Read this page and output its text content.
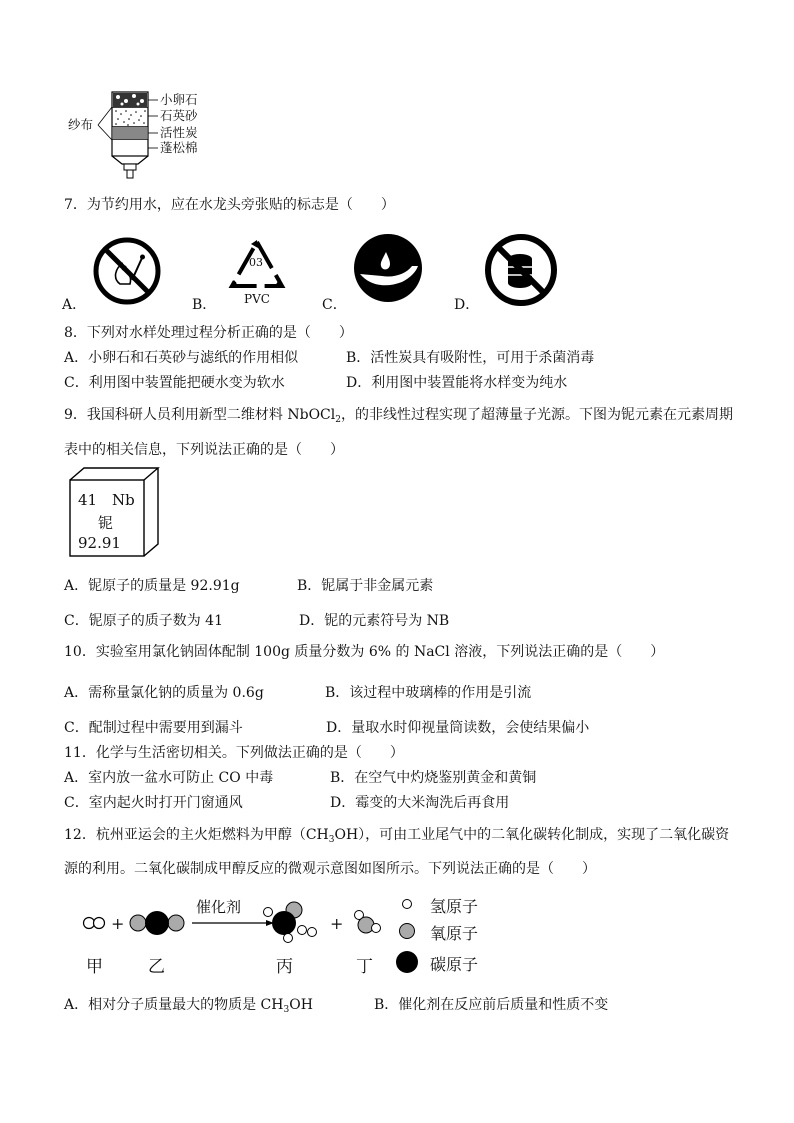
纱布
小卵石
石英砂
活性炭
蓬松棉
7．为节约用水，应在水龙头旁张贴的标志是（　　）
A．	B．
03
PVC	C．	D．
8．下列对水样处理过程分析正确的是（　　）
A．小卵石和石英砂与滤纸的作用相似	B．活性炭具有吸附性，可用于杀菌消毒
C．利用图中装置能把硬水变为软水	D．利用图中装置能将水样变为纯水
9．我国科研人员利用新型二维材料 NbOCl$_2$，的非线性过程实现了超薄量子光源。下图为铌元素在元素周期
表中的相关信息，下列说法正确的是（　　）
41 Nb
铌
92.91
A．铌原子的质量是 92.91g	B．铌属于非金属元素
C．铌原子的质子数为 41	D．铌的元素符号为 NB
10．实验室用氯化钠固体配制 100g 质量分数为 6% 的 NaCl 溶液，下列说法正确的是（　　）
A．需称量氯化钠的质量为 0.6g	B．该过程中玻璃棒的作用是引流
C．配制过程中需要用到漏斗	D．量取水时仰视量筒读数，会使结果偏小
11．化学与生活密切相关。下列做法正确的是（　　）
A．室内放一盆水可防止 CO 中毒	B．在空气中灼烧鉴别黄金和黄铜
C．室内起火时打开门窗通风	D．霉变的大米淘洗后再食用
12．杭州亚运会的主火炬燃料为甲醇$(CH_3OH)$，可由工业尾气中的二氧化碳转化制成，实现了二氧化碳资
源的利用。二氧化碳制成甲醇反应的微观示意图如图所示。下列说法正确的是（　　）
+
催化剂
+
甲	乙	丙	丁
氢原子
氧原子
碳原子
A．相对分子质量最大的物质是 $CH_3OH$	B．催化剂在反应前后质量和性质不变
